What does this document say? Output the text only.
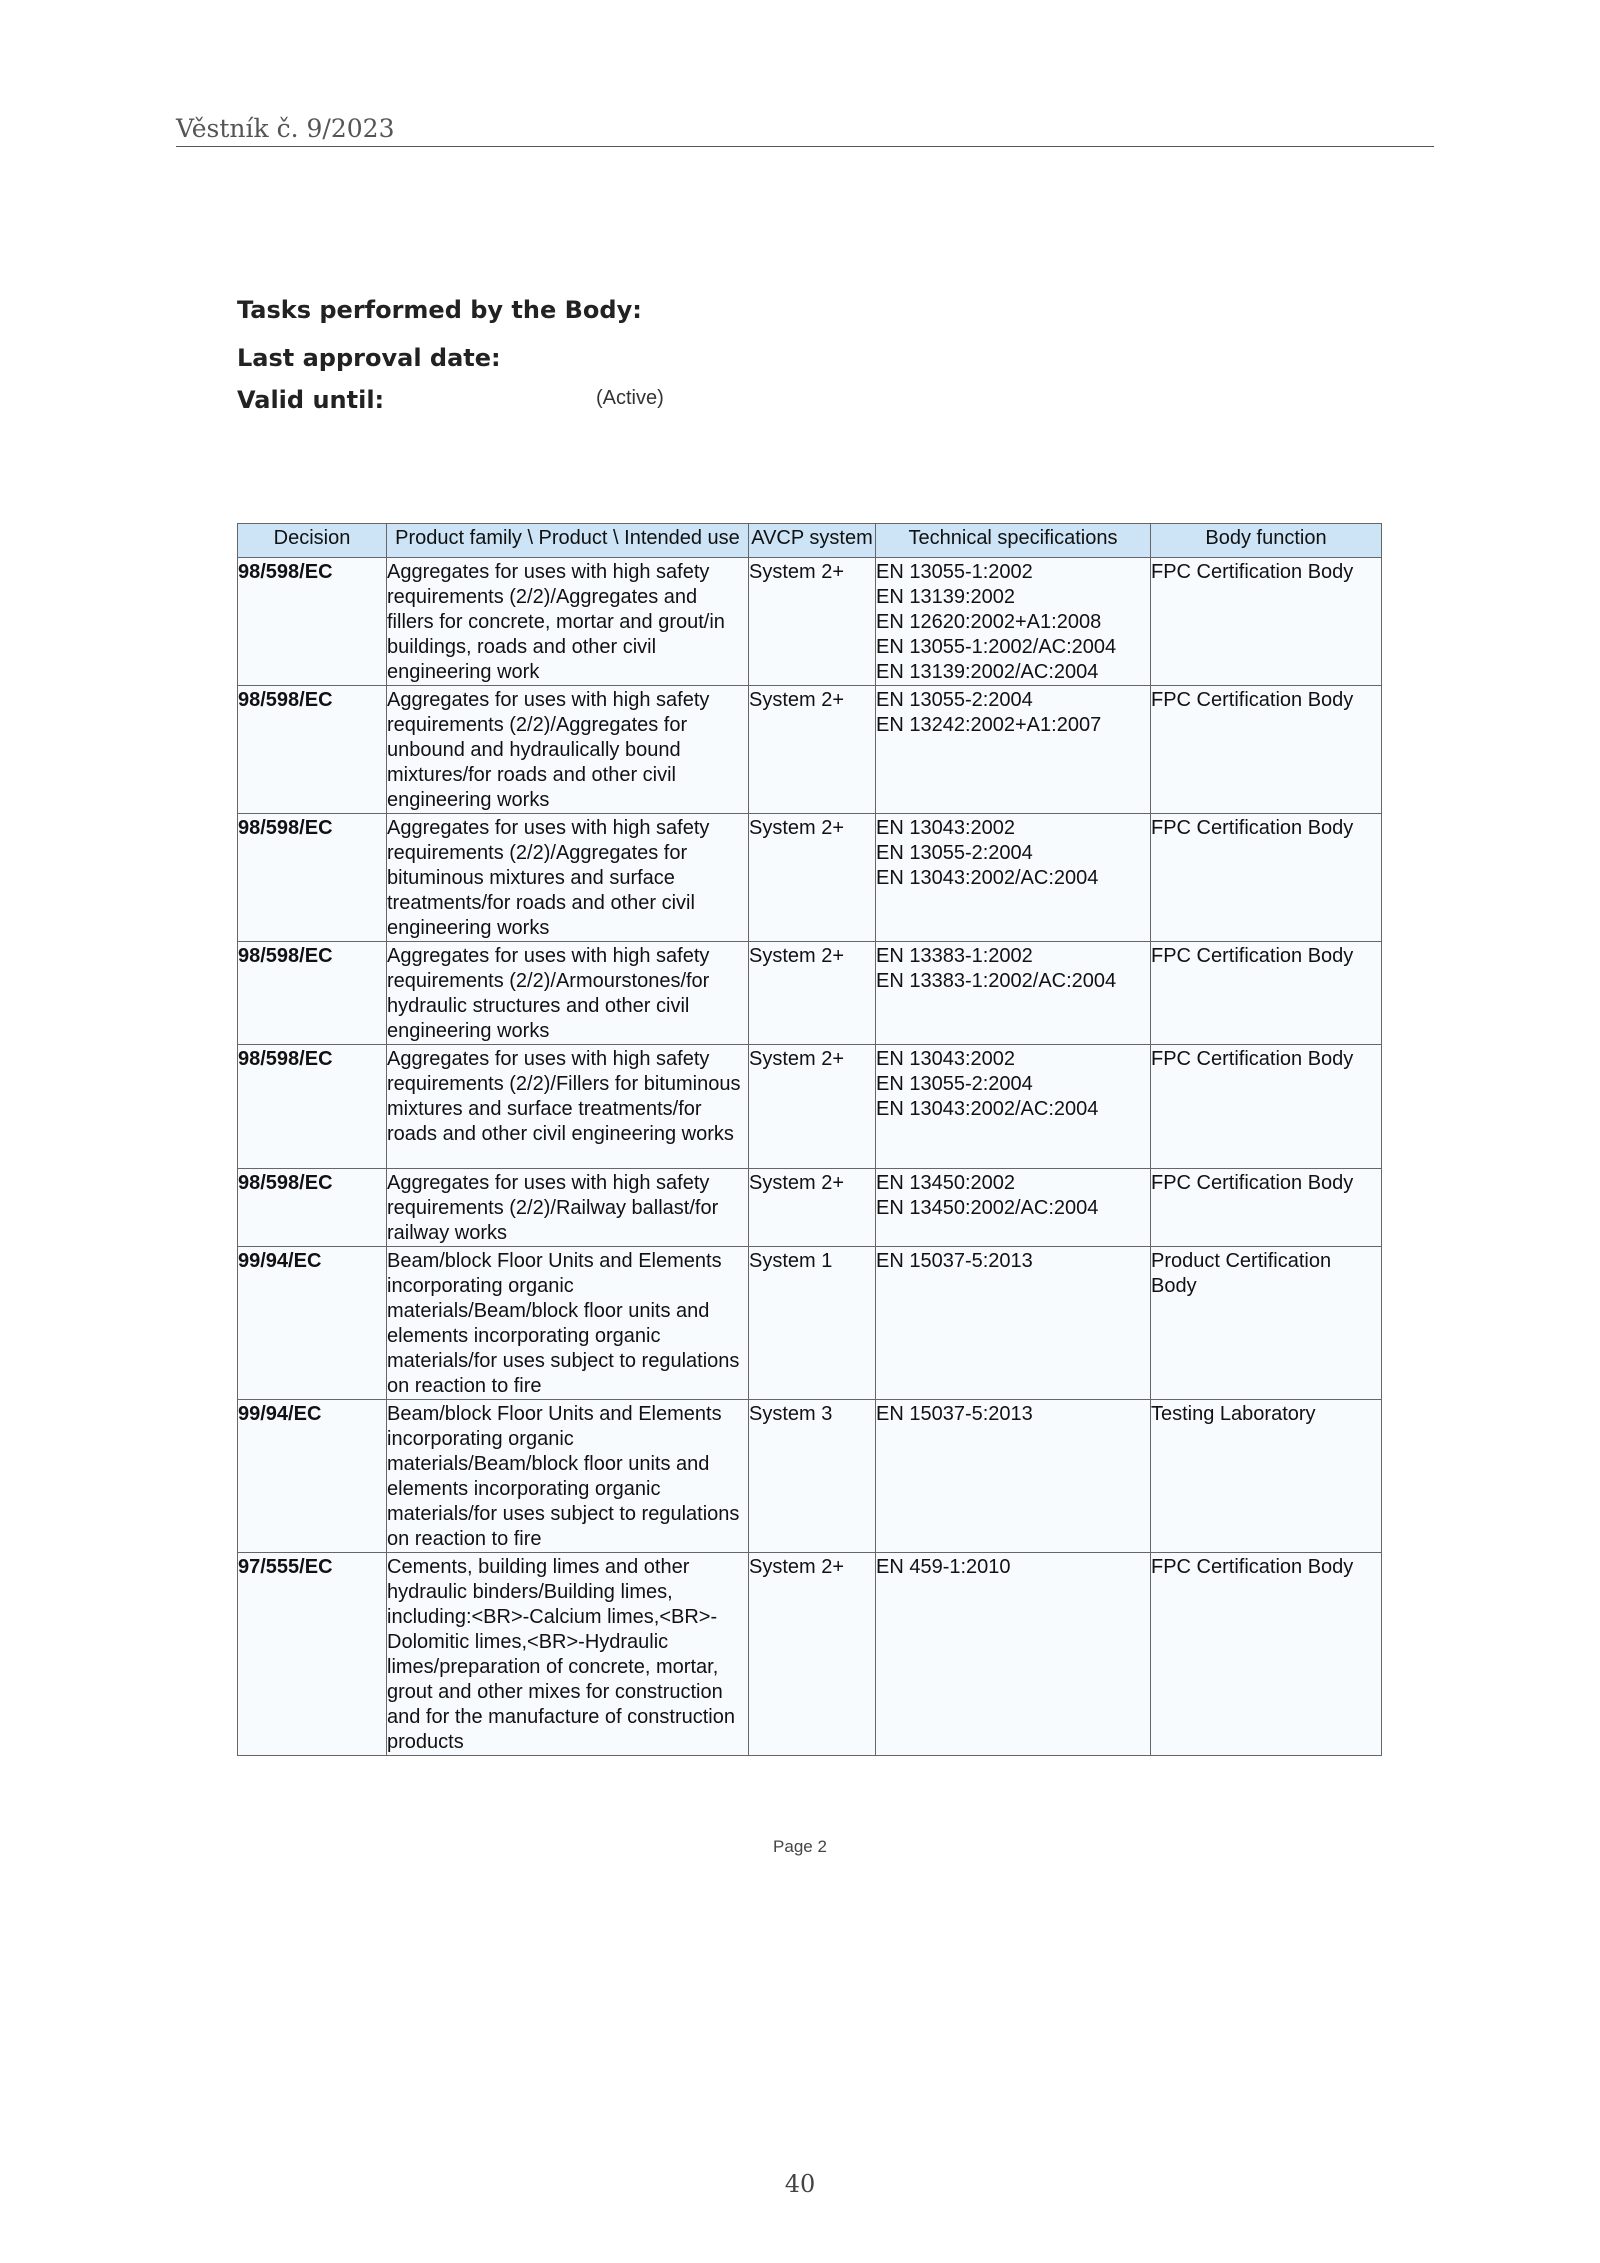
Věstník č. 9/2023
Tasks performed by the Body:
Last approval date:
Valid until:	(Active)
Decision	Product family \ Product \ Intended use	AVCP system	Technical specifications	Body function
98/598/EC	Aggregates for uses with high safety requirements (2/2)/Aggregates and fillers for concrete, mortar and grout/in buildings, roads and other civil engineering work	System 2+	EN 13055-1:2002
EN 13139:2002
EN 12620:2002+A1:2008
EN 13055-1:2002/AC:2004
EN 13139:2002/AC:2004	FPC Certification Body
98/598/EC	Aggregates for uses with high safety requirements (2/2)/Aggregates for unbound and hydraulically bound mixtures/for roads and other civil engineering works	System 2+	EN 13055-2:2004
EN 13242:2002+A1:2007	FPC Certification Body
98/598/EC	Aggregates for uses with high safety requirements (2/2)/Aggregates for bituminous mixtures and surface treatments/for roads and other civil engineering works	System 2+	EN 13043:2002
EN 13055-2:2004
EN 13043:2002/AC:2004	FPC Certification Body
98/598/EC	Aggregates for uses with high safety requirements (2/2)/Armourstones/for hydraulic structures and other civil engineering works	System 2+	EN 13383-1:2002
EN 13383-1:2002/AC:2004	FPC Certification Body
98/598/EC	Aggregates for uses with high safety requirements (2/2)/Fillers for bituminous mixtures and surface treatments/for roads and other civil engineering works	System 2+	EN 13043:2002
EN 13055-2:2004
EN 13043:2002/AC:2004	FPC Certification Body
98/598/EC	Aggregates for uses with high safety requirements (2/2)/Railway ballast/for railway works	System 2+	EN 13450:2002
EN 13450:2002/AC:2004	FPC Certification Body
99/94/EC	Beam/block Floor Units and Elements incorporating organic materials/Beam/block floor units and elements incorporating organic materials/for uses subject to regulations on reaction to fire	System 1	EN 15037-5:2013	Product Certification Body
99/94/EC	Beam/block Floor Units and Elements incorporating organic materials/Beam/block floor units and elements incorporating organic materials/for uses subject to regulations on reaction to fire	System 3	EN 15037-5:2013	Testing Laboratory
97/555/EC	Cements, building limes and other hydraulic binders/Building limes, including:<BR>-Calcium limes,<BR>-Dolomitic limes,<BR>-Hydraulic limes/preparation of concrete, mortar, grout and other mixes for construction and for the manufacture of construction products	System 2+	EN 459-1:2010	FPC Certification Body
Page 2
40
